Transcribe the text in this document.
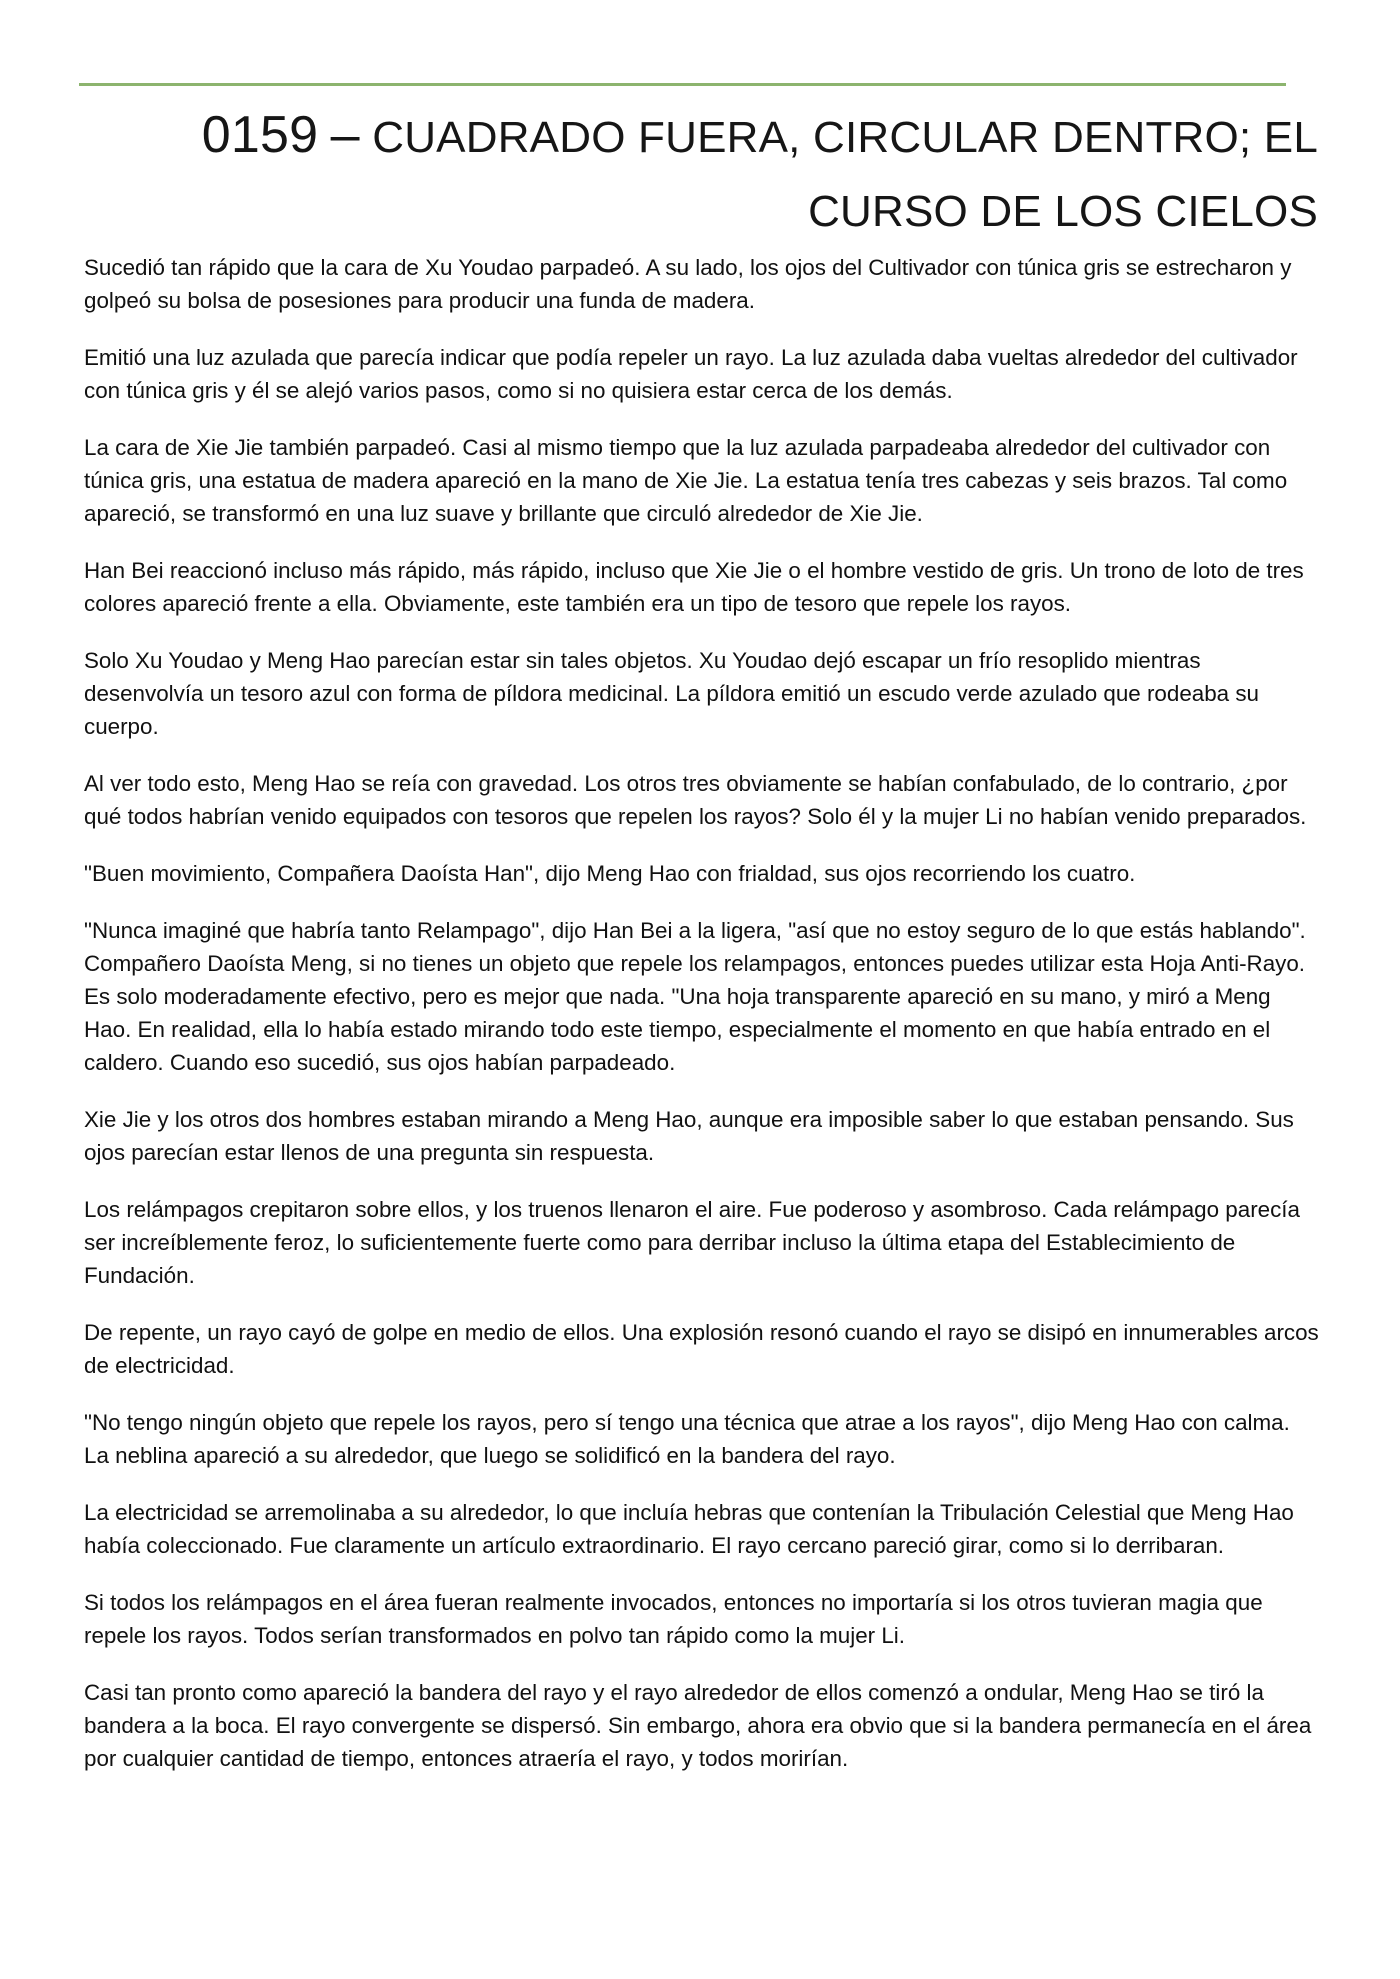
0159 – CUADRADO FUERA, CIRCULAR DENTRO; EL CURSO DE LOS CIELOS

Sucedió tan rápido que la cara de Xu Youdao parpadeó. A su lado, los ojos del Cultivador con túnica gris se estrecharon y golpeó su bolsa de posesiones para producir una funda de madera.

Emitió una luz azulada que parecía indicar que podía repeler un rayo. La luz azulada daba vueltas alrededor del cultivador con túnica gris y él se alejó varios pasos, como si no quisiera estar cerca de los demás.

La cara de Xie Jie también parpadeó. Casi al mismo tiempo que la luz azulada parpadeaba alrededor del cultivador con túnica gris, una estatua de madera apareció en la mano de Xie Jie. La estatua tenía tres cabezas y seis brazos. Tal como apareció, se transformó en una luz suave y brillante que circuló alrededor de Xie Jie.

Han Bei reaccionó incluso más rápido, más rápido, incluso que Xie Jie o el hombre vestido de gris. Un trono de loto de tres colores apareció frente a ella. Obviamente, este también era un tipo de tesoro que repele los rayos.

Solo Xu Youdao y Meng Hao parecían estar sin tales objetos. Xu Youdao dejó escapar un frío resoplido mientras desenvolvía un tesoro azul con forma de píldora medicinal. La píldora emitió un escudo verde azulado que rodeaba su cuerpo.

Al ver todo esto, Meng Hao se reía con gravedad. Los otros tres obviamente se habían confabulado, de lo contrario, ¿por qué todos habrían venido equipados con tesoros que repelen los rayos? Solo él y la mujer Li no habían venido preparados.

"Buen movimiento, Compañera Daoísta Han", dijo Meng Hao con frialdad, sus ojos recorriendo los cuatro.

"Nunca imaginé que habría tanto Relampago", dijo Han Bei a la ligera, "así que no estoy seguro de lo que estás hablando". Compañero Daoísta Meng, si no tienes un objeto que repele los relampagos, entonces puedes utilizar esta Hoja Anti-Rayo. Es solo moderadamente efectivo, pero es mejor que nada. "Una hoja transparente apareció en su mano, y miró a Meng Hao. En realidad, ella lo había estado mirando todo este tiempo, especialmente el momento en que había entrado en el caldero. Cuando eso sucedió, sus ojos habían parpadeado.

Xie Jie y los otros dos hombres estaban mirando a Meng Hao, aunque era imposible saber lo que estaban pensando. Sus ojos parecían estar llenos de una pregunta sin respuesta.

Los relámpagos crepitaron sobre ellos, y los truenos llenaron el aire. Fue poderoso y asombroso. Cada relámpago parecía ser increíblemente feroz, lo suficientemente fuerte como para derribar incluso la última etapa del Establecimiento de Fundación.

De repente, un rayo cayó de golpe en medio de ellos. Una explosión resonó cuando el rayo se disipó en innumerables arcos de electricidad.

"No tengo ningún objeto que repele los rayos, pero sí tengo una técnica que atrae a los rayos", dijo Meng Hao con calma. La neblina apareció a su alrededor, que luego se solidificó en la bandera del rayo.

La electricidad se arremolinaba a su alrededor, lo que incluía hebras que contenían la Tribulación Celestial que Meng Hao había coleccionado. Fue claramente un artículo extraordinario. El rayo cercano pareció girar, como si lo derribaran.

Si todos los relámpagos en el área fueran realmente invocados, entonces no importaría si los otros tuvieran magia que repele los rayos. Todos serían transformados en polvo tan rápido como la mujer Li.

Casi tan pronto como apareció la bandera del rayo y el rayo alrededor de ellos comenzó a ondular, Meng Hao se tiró la bandera a la boca. El rayo convergente se dispersó. Sin embargo, ahora era obvio que si la bandera permanecía en el área por cualquier cantidad de tiempo, entonces atraería el rayo, y todos morirían.
